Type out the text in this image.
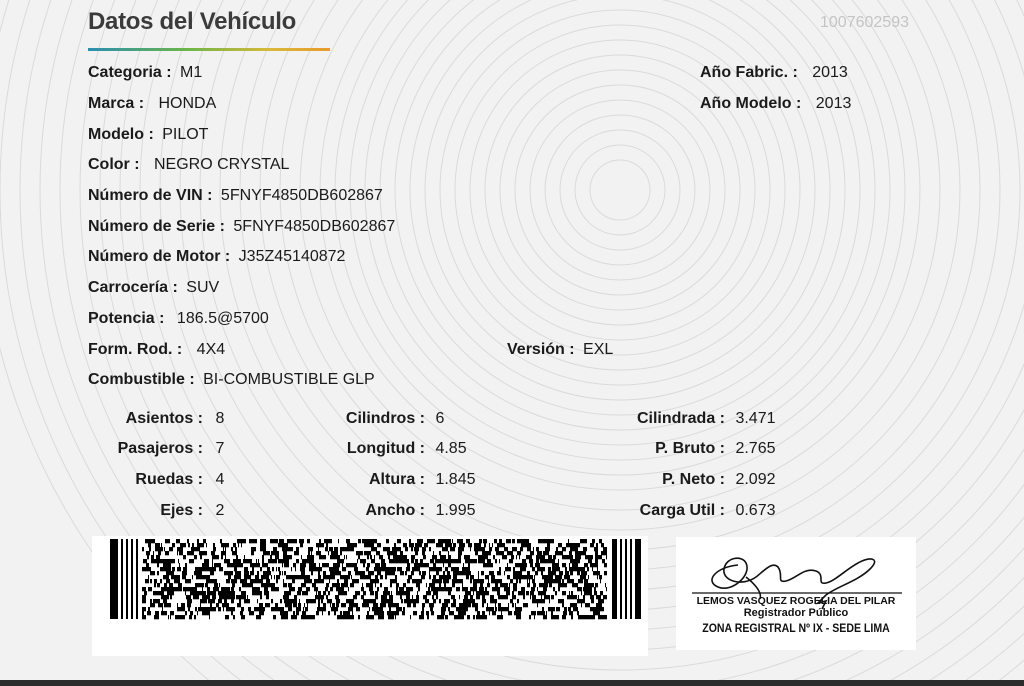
Datos del Vehículo	1007602593
Categoria : M1
Marca : HONDA
Modelo : PILOT
Color : NEGRO CRYSTAL
Número de VIN : 5FNYF4850DB602867
Número de Serie : 5FNYF4850DB602867
Número de Motor : J35Z45140872
Carrocería : SUV
Potencia : 186.5@5700
Form. Rod. : 4X4
Combustible : BI-COMBUSTIBLE GLP
Año Fabric. : 2013
Año Modelo : 2013
Versión : EXL
Asientos : 8
Pasajeros : 7
Ruedas : 4
Ejes : 2
Cilindros : 6
Longitud : 4.85
Altura : 1.845
Ancho : 1.995
Cilindrada : 3.471
P. Bruto : 2.765
P. Neto : 2.092
Carga Util : 0.673
LEMOS VASQUEZ ROGELIA DEL PILAR
Registrador Público
ZONA REGISTRAL Nº IX - SEDE LIMA
